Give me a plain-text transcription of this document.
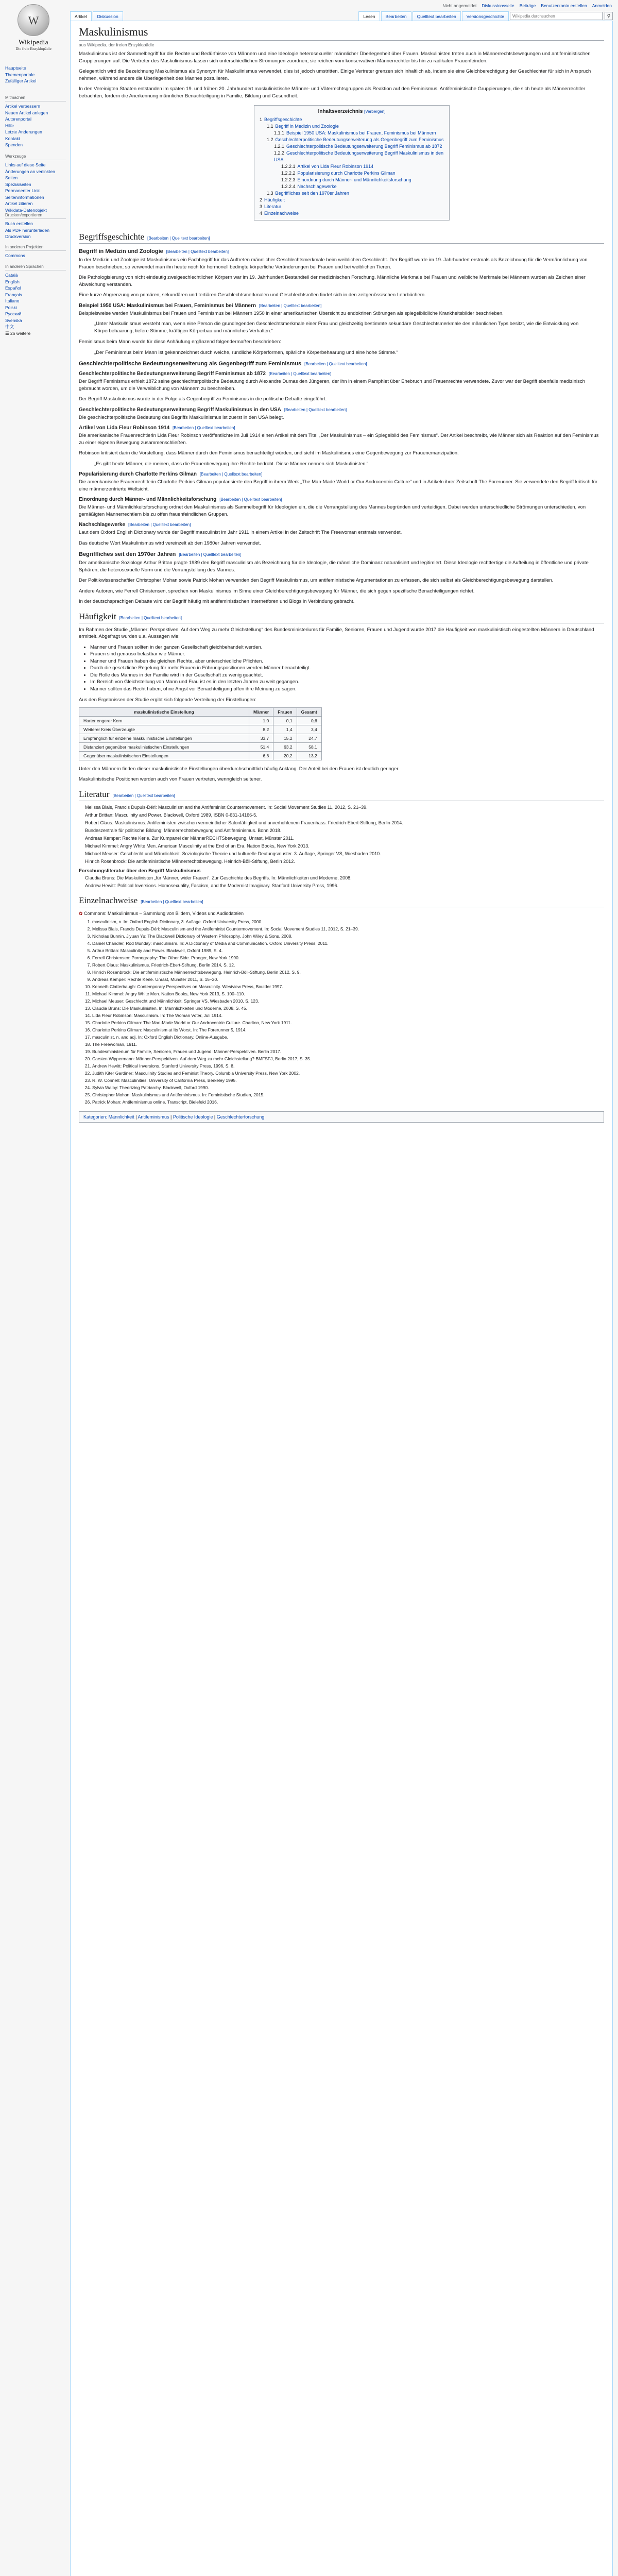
Nicht angemeldet Diskussionsseite Beiträge Benutzerkonto erstellen Anmelden
Artikel	Diskussion	Lesen	Bearbeiten	Quelltext bearbeiten	Versionsgeschichte
Wikipedia durchsuchen	⚲
W
Wikipedia
Die freie Enzyklopädie
Hauptseite
Themenportale
Zufälliger Artikel
Mitmachen
Artikel verbessern
Neuen Artikel anlegen
Autorenportal
Hilfe
Letzte Änderungen
Kontakt
Spenden
Werkzeuge
Links auf diese Seite
Änderungen an verlinkten Seiten
Spezialseiten
Permanenter Link
Seiteninformationen
Artikel zitieren
Wikidata-Datenobjekt
Drucken/exportieren
Buch erstellen
Als PDF herunterladen
Druckversion
In anderen Projekten
Commons
In anderen Sprachen
Català
English
Español
Français
Italiano
Polski
Русский
Svenska
中文
☰ 26 weitere
Maskulinismus
aus Wikipedia, der freien Enzyklopädie

Maskulinismus ist der Sammelbegriff für die Rechte und Bedürfnisse von Männern und eine Ideologie heterosexueller männlicher Überlegenheit über Frauen. Maskulinisten treten auch in Männerrechtsbewegungen und antifeministischen Gruppierungen auf. Die Vertreter des Maskulinismus lassen sich unterschiedlichen Strömungen zuordnen; sie reichen vom konservativen Männerrechtler bis hin zu radikalen Frauenfeinden.

Gelegentlich wird die Bezeichnung Maskulinismus als Synonym für Maskulinismus verwendet, dies ist jedoch umstritten. Einige Vertreter grenzen sich inhaltlich ab, indem sie eine Gleichberechtigung der Geschlechter für sich in Anspruch nehmen, während andere die Überlegenheit des Mannes postulieren.

In den Vereinigten Staaten entstanden im späten 19. und frühen 20. Jahrhundert maskulinistische Männer- und Väterrechtsgruppen als Reaktion auf den Feminismus. Antifeministische Gruppierungen, die sich heute als Männerrechtler betrachten, fordern die Anerkennung männlicher Benachteiligung in Familie, Bildung und Gesundheit.

Inhaltsverzeichnis [Verbergen]
1 Begriffsgeschichte
1.1 Begriff in Medizin und Zoologie
1.1.1 Beispiel 1950 USA: Maskulinismus bei Frauen, Feminismus bei Männern
1.2 Geschlechterpolitische Bedeutungserweiterung als Gegenbegriff zum Feminismus
1.2.1 Geschlechterpolitische Bedeutungserweiterung Begriff Feminismus ab 1872
1.2.2 Geschlechterpolitische Bedeutungserweiterung Begriff Maskulinismus in den USA
1.2.2.1 Artikel von Lida Fleur Robinson 1914
1.2.2.2 Popularisierung durch Charlotte Perkins Gilman
1.2.2.3 Einordnung durch Männer- und Männlichkeitsforschung
1.2.2.4 Nachschlagewerke
1.3 Begriffliches seit den 1970er Jahren
2 Häufigkeit
3 Literatur
4 Einzelnachweise
Begriffsgeschichte [Bearbeiten | Quelltext bearbeiten]
Begriff in Medizin und Zoologie [Bearbeiten | Quelltext bearbeiten]

In der Medizin und Zoologie ist Maskulinismus ein Fachbegriff für das Auftreten männlicher Geschlechtsmerkmale beim weiblichen Geschlecht. Der Begriff wurde im 19. Jahrhundert erstmals als Bezeichnung für die Vermännlichung von Frauen beschrieben; so verwendet man ihn heute noch für hormonell bedingte körperliche Veränderungen bei Frauen und bei weiblichen Tieren.

Die Pathologisierung von nicht eindeutig zweigeschlechtlichen Körpern war im 19. Jahrhundert Bestandteil der medizinischen Forschung. Männliche Merkmale bei Frauen und weibliche Merkmale bei Männern wurden als Zeichen einer Abweichung verstanden.

Eine kurze Abgrenzung von primären, sekundären und tertiären Geschlechtsmerkmalen und Geschlechtsrollen findet sich in den zeitgenössischen Lehrbüchern.

Beispiel 1950 USA: Maskulinismus bei Frauen, Feminismus bei Männern [Bearbeiten | Quelltext bearbeiten]

Beispielsweise werden Maskulinismus bei Frauen und Feminismus bei Männern 1950 in einer amerikanischen Übersicht zu endokrinen Störungen als spiegelbildliche Krankheitsbilder beschrieben.

„Unter Maskulinismus versteht man, wenn eine Person die grundlegenden Geschlechtsmerkmale einer Frau und gleichzeitig bestimmte sekundäre Geschlechtsmerkmale des männlichen Typs besitzt, wie die Entwicklung von Körperbehaarung, tiefere Stimme, kräftigen Körperbau und männliches Verhalten.“

Feminismus beim Mann wurde für diese Anhäufung ergänzend folgendermaßen beschrieben:

„Der Feminismus beim Mann ist gekennzeichnet durch weiche, rundliche Körperformen, spärliche Körperbehaarung und eine hohe Stimme.“
Geschlechterpolitische Bedeutungserweiterung als Gegenbegriff zum Feminismus [Bearbeiten | Quelltext bearbeiten]
Geschlechterpolitische Bedeutungserweiterung Begriff Feminismus ab 1872 [Bearbeiten | Quelltext bearbeiten]

Der Begriff Feminismus erhielt 1872 seine geschlechterpolitische Bedeutung durch Alexandre Dumas den Jüngeren, der ihn in einem Pamphlet über Ehebruch und Frauenrechte verwendete. Zuvor war der Begriff ebenfalls medizinisch gebraucht worden, um die Verweiblichung von Männern zu beschreiben.

Der Begriff Maskulinismus wurde in der Folge als Gegenbegriff zu Feminismus in die politische Debatte eingeführt.

Geschlechterpolitische Bedeutungserweiterung Begriff Maskulinismus in den USA [Bearbeiten | Quelltext bearbeiten]

Die geschlechterpolitische Bedeutung des Begriffs Maskulinismus ist zuerst in den USA belegt.

Artikel von Lida Fleur Robinson 1914 [Bearbeiten | Quelltext bearbeiten]

Die amerikanische Frauenrechtlerin Lida Fleur Robinson veröffentlichte im Juli 1914 einen Artikel mit dem Titel „Der Maskulinismus – ein Spiegelbild des Feminismus“. Der Artikel beschreibt, wie Männer sich als Reaktion auf den Feminismus zu einer eigenen Bewegung zusammenschließen.

Robinson kritisiert darin die Vorstellung, dass Männer durch den Feminismus benachteiligt würden, und sieht im Maskulinismus eine Gegenbewegung zur Frauenemanzipation.

„Es gibt heute Männer, die meinen, dass die Frauenbewegung ihre Rechte bedroht. Diese Männer nennen sich Maskulinisten.“
Popularisierung durch Charlotte Perkins Gilman [Bearbeiten | Quelltext bearbeiten]

Die amerikanische Frauenrechtlerin Charlotte Perkins Gilman popularisierte den Begriff in ihrem Werk „The Man-Made World or Our Androcentric Culture“ und in Artikeln ihrer Zeitschrift The Forerunner. Sie verwendete den Begriff kritisch für eine männerzentrierte Weltsicht.

Einordnung durch Männer- und Männlichkeitsforschung [Bearbeiten | Quelltext bearbeiten]

Die Männer- und Männlichkeitsforschung ordnet den Maskulinismus als Sammelbegriff für Ideologien ein, die die Vorrangstellung des Mannes begründen und verteidigen. Dabei werden unterschiedliche Strömungen unterschieden, von gemäßigten Männerrechtlern bis zu offen frauenfeindlichen Gruppen.

Nachschlagewerke [Bearbeiten | Quelltext bearbeiten]

Laut dem Oxford English Dictionary wurde der Begriff masculinist im Jahr 1911 in einem Artikel in der Zeitschrift The Freewoman erstmals verwendet.

Das deutsche Wort Maskulinismus wird vereinzelt ab den 1980er Jahren verwendet.

Begriffliches seit den 1970er Jahren [Bearbeiten | Quelltext bearbeiten]

Der amerikanische Soziologe Arthur Brittan prägte 1989 den Begriff masculinism als Bezeichnung für die Ideologie, die männliche Dominanz naturalisiert und legitimiert. Diese Ideologie rechtfertige die Aufteilung in öffentliche und private Sphären, die heterosexuelle Norm und die Vorrangstellung des Mannes.

Der Politikwissenschaftler Christopher Mohan sowie Patrick Mohan verwenden den Begriff Maskulinismus, um antifeministische Argumentationen zu erfassen, die sich selbst als Gleichberechtigungsbewegung darstellen.

Andere Autoren, wie Ferrell Christensen, sprechen von Maskulinismus im Sinne einer Gleichberechtigungsbewegung für Männer, die sich gegen spezifische Benachteiligungen richtet.

In der deutschsprachigen Debatte wird der Begriff häufig mit antifeministischen Internetforen und Blogs in Verbindung gebracht.

Häufigkeit [Bearbeiten | Quelltext bearbeiten]

Im Rahmen der Studie „Männer: Perspektiven. Auf dem Weg zu mehr Gleichstellung“ des Bundesministeriums für Familie, Senioren, Frauen und Jugend wurde 2017 die Haufigkeit von maskulinistisch eingestellten Männern in Deutschland ermittelt. Abgefragt wurden u.a. Aussagen wie:

• Männer und Frauen sollten in der ganzen Gesellschaft gleichbehandelt werden.
• Frauen sind genauso belastbar wie Männer.
• Männer und Frauen haben die gleichen Rechte, aber unterschiedliche Pflichten.
• Durch die gesetzliche Regelung für mehr Frauen in Führungspositionen werden Männer benachteiligt.
• Die Rolle des Mannes in der Familie wird in der Gesellschaft zu wenig geachtet.
• Im Bereich von Gleichstellung von Mann und Frau ist es in den letzten Jahren zu weit gegangen.
• Männer sollten das Recht haben, ohne Angst vor Benachteiligung offen ihre Meinung zu sagen.

Aus den Ergebnissen der Studie ergibt sich folgende Verteilung der Einstellungen:

maskulinistische Einstellung	Männer	Frauen	Gesamt
Harter engerer Kern	1,0	0,1	0,6
Weiterer Kreis Überzeugte	8,2	1,4	3,4
Empfänglich für einzelne maskulinistische Einstellungen	33,7	15,2	24,7
Distanziert gegenüber maskulinistischen Einstellungen	51,4	63,2	58,1
Gegenüber maskulinistischen Einstellungen	6,6	20,2	13,2

Unter den Männern finden dieser maskulinistische Einstellungen überdurchschnittlich häufig Anklang. Der Anteil bei den Frauen ist deutlich geringer.

Maskulinistische Positionen werden auch von Frauen vertreten, wenngleich seltener.

Literatur [Bearbeiten | Quelltext bearbeiten]
Melissa Blais, Francis Dupuis-Déri: Masculinism and the Antifeminist Countermovement. In: Social Movement Studies 11, 2012, S. 21–39.
Arthur Brittan: Masculinity and Power. Blackwell, Oxford 1989, ISBN 0-631-14166-5.
Robert Claus: Maskulinismus. Antifeministen zwischen vermeintlicher Salonfähigkeit und unverhohlenem Frauenhass. Friedrich-Ebert-Stiftung, Berlin 2014.
Bundeszentrale für politische Bildung: Männerrechtsbewegung und Antifeminismus. Bonn 2018.
Andreas Kemper: Rechte Kerle. Zur Kumpanei der MännerRECHTSbewegung. Unrast, Münster 2011.
Michael Kimmel: Angry White Men. American Masculinity at the End of an Era. Nation Books, New York 2013.
Michael Meuser: Geschlecht und Männlichkeit. Soziologische Theorie und kulturelle Deutungsmuster. 3. Auflage, Springer VS, Wiesbaden 2010.
Hinrich Rosenbrock: Die antifeministische Männerrechtsbewegung. Heinrich-Böll-Stiftung, Berlin 2012.
Forschungsliteratur über den Begriff Maskulinismus
Claudia Bruns: Die Maskulinisten „für Männer, wider Frauen“. Zur Geschichte des Begriffs. In: Männlichkeiten und Moderne, 2008.
Andrew Hewitt: Political Inversions. Homosexuality, Fascism, and the Modernist Imaginary. Stanford University Press, 1996.
Einzelnachweise [Bearbeiten | Quelltext bearbeiten]
✿ Commons: Maskulinismus – Sammlung von Bildern, Videos und Audiodateien
1. masculinism, n. In: Oxford English Dictionary, 3. Auflage. Oxford University Press, 2000.
2. Melissa Blais, Francis Dupuis-Déri: Masculinism and the Antifeminist Countermovement. In: Social Movement Studies 11, 2012, S. 21–39.
3. Nicholas Bunnin, Jiyuan Yu: The Blackwell Dictionary of Western Philosophy. John Wiley & Sons, 2008.
4. Daniel Chandler, Rod Munday: masculinism. In: A Dictionary of Media and Communication. Oxford University Press, 2011.
5. Arthur Brittan: Masculinity and Power. Blackwell, Oxford 1989, S. 4.
6. Ferrell Christensen: Pornography: The Other Side. Praeger, New York 1990.
7. Robert Claus: Maskulinismus. Friedrich-Ebert-Stiftung, Berlin 2014, S. 12.
8. Hinrich Rosenbrock: Die antifeministische Männerrechtsbewegung. Heinrich-Böll-Stiftung, Berlin 2012, S. 9.
9. Andreas Kemper: Rechte Kerle. Unrast, Münster 2011, S. 15–20.
10. Kenneth Clatterbaugh: Contemporary Perspectives on Masculinity. Westview Press, Boulder 1997.
11. Michael Kimmel: Angry White Men. Nation Books, New York 2013, S. 100–110.
12. Michael Meuser: Geschlecht und Männlichkeit. Springer VS, Wiesbaden 2010, S. 123.
13. Claudia Bruns: Die Maskulinisten. In: Männlichkeiten und Moderne, 2008, S. 45.
14. Lida Fleur Robinson: Masculinism. In: The Woman Voter, Juli 1914.
15. Charlotte Perkins Gilman: The Man-Made World or Our Androcentric Culture. Charlton, New York 1911.
16. Charlotte Perkins Gilman: Masculinism at Its Worst. In: The Forerunner 5, 1914.
17. masculinist, n. and adj. In: Oxford English Dictionary, Online-Ausgabe.
18. The Freewoman, 1911.
19. Bundesministerium für Familie, Senioren, Frauen und Jugend: Männer-Perspektiven. Berlin 2017.
20. Carsten Wippermann: Männer-Perspektiven. Auf dem Weg zu mehr Gleichstellung? BMFSFJ, Berlin 2017, S. 35.
21. Andrew Hewitt: Political Inversions. Stanford University Press, 1996, S. 8.
22. Judith Kiter Gardiner: Masculinity Studies and Feminist Theory. Columbia University Press, New York 2002.
23. R. W. Connell: Masculinities. University of California Press, Berkeley 1995.
24. Sylvia Walby: Theorizing Patriarchy. Blackwell, Oxford 1990.
25. Christopher Mohan: Maskulinismus und Antifeminismus. In: Feministische Studien, 2015.
26. Patrick Mohan: Antifeminismus online. Transcript, Bielefeld 2016.
Kategorien: Männlichkeit | Antifeminismus | Politische Ideologie | Geschlechterforschung
